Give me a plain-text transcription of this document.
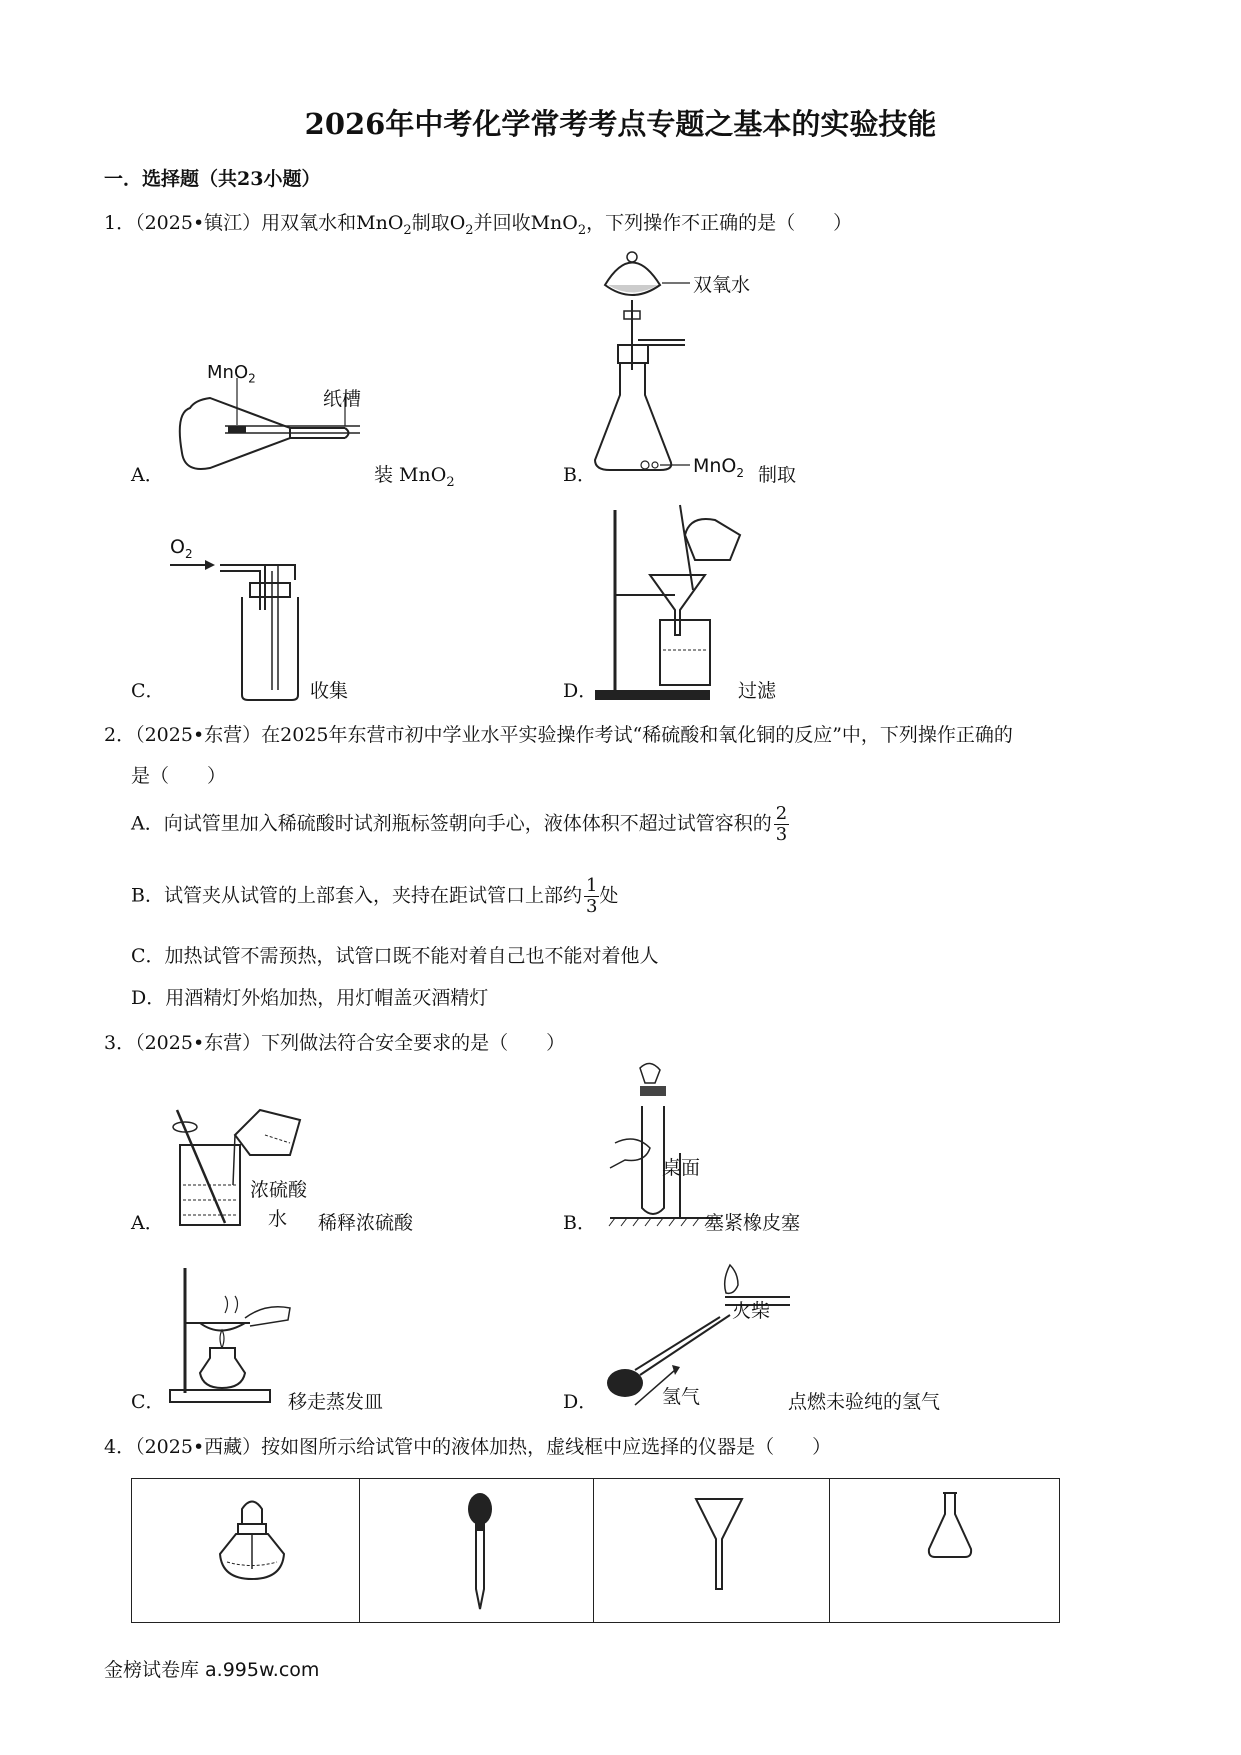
2026年中考化学常考考点专题之基本的实验技能
一．选择题（共23小题）
1．（2025•镇江）用双氧水和MnO$_2$制取$O_2$并回收MnO$_2$，下列操作不正确的是（　　）
MnO$_2$
纸槽
A．	装 MnO$_2$
双氧水
MnO$_2$
B．	制取
$O_2$
C．	收集	D．	过滤
2．（2025•东营）在2025年东营市初中学业水平实验操作考试“稀硫酸和氧化铜的反应”中，下列操作正确的
是（　　）
A．向试管里加入稀硫酸时试剂瓶标签朝向手心，液体体积不超过试管容积的 $\frac{2}{3}$
B．试管夹从试管的上部套入，夹持在距试管口上部约 $\frac{1}{3}$ 处
C．加热试管不需预热，试管口既不能对着自己也不能对着他人
D．用酒精灯外焰加热，用灯帽盖灭酒精灯
3．（2025•东营）下列做法符合安全要求的是（　　）
浓硫酸
水
A．	稀释浓硫酸
桌面
B．	塞紧橡皮塞
C．	移走蒸发皿
火柴
氢气
D．	点燃未验纯的氢气
4．（2025•西藏）按如图所示给试管中的液体加热，虚线框中应选择的仪器是（　　）
金榜试卷库 a.995w.com
